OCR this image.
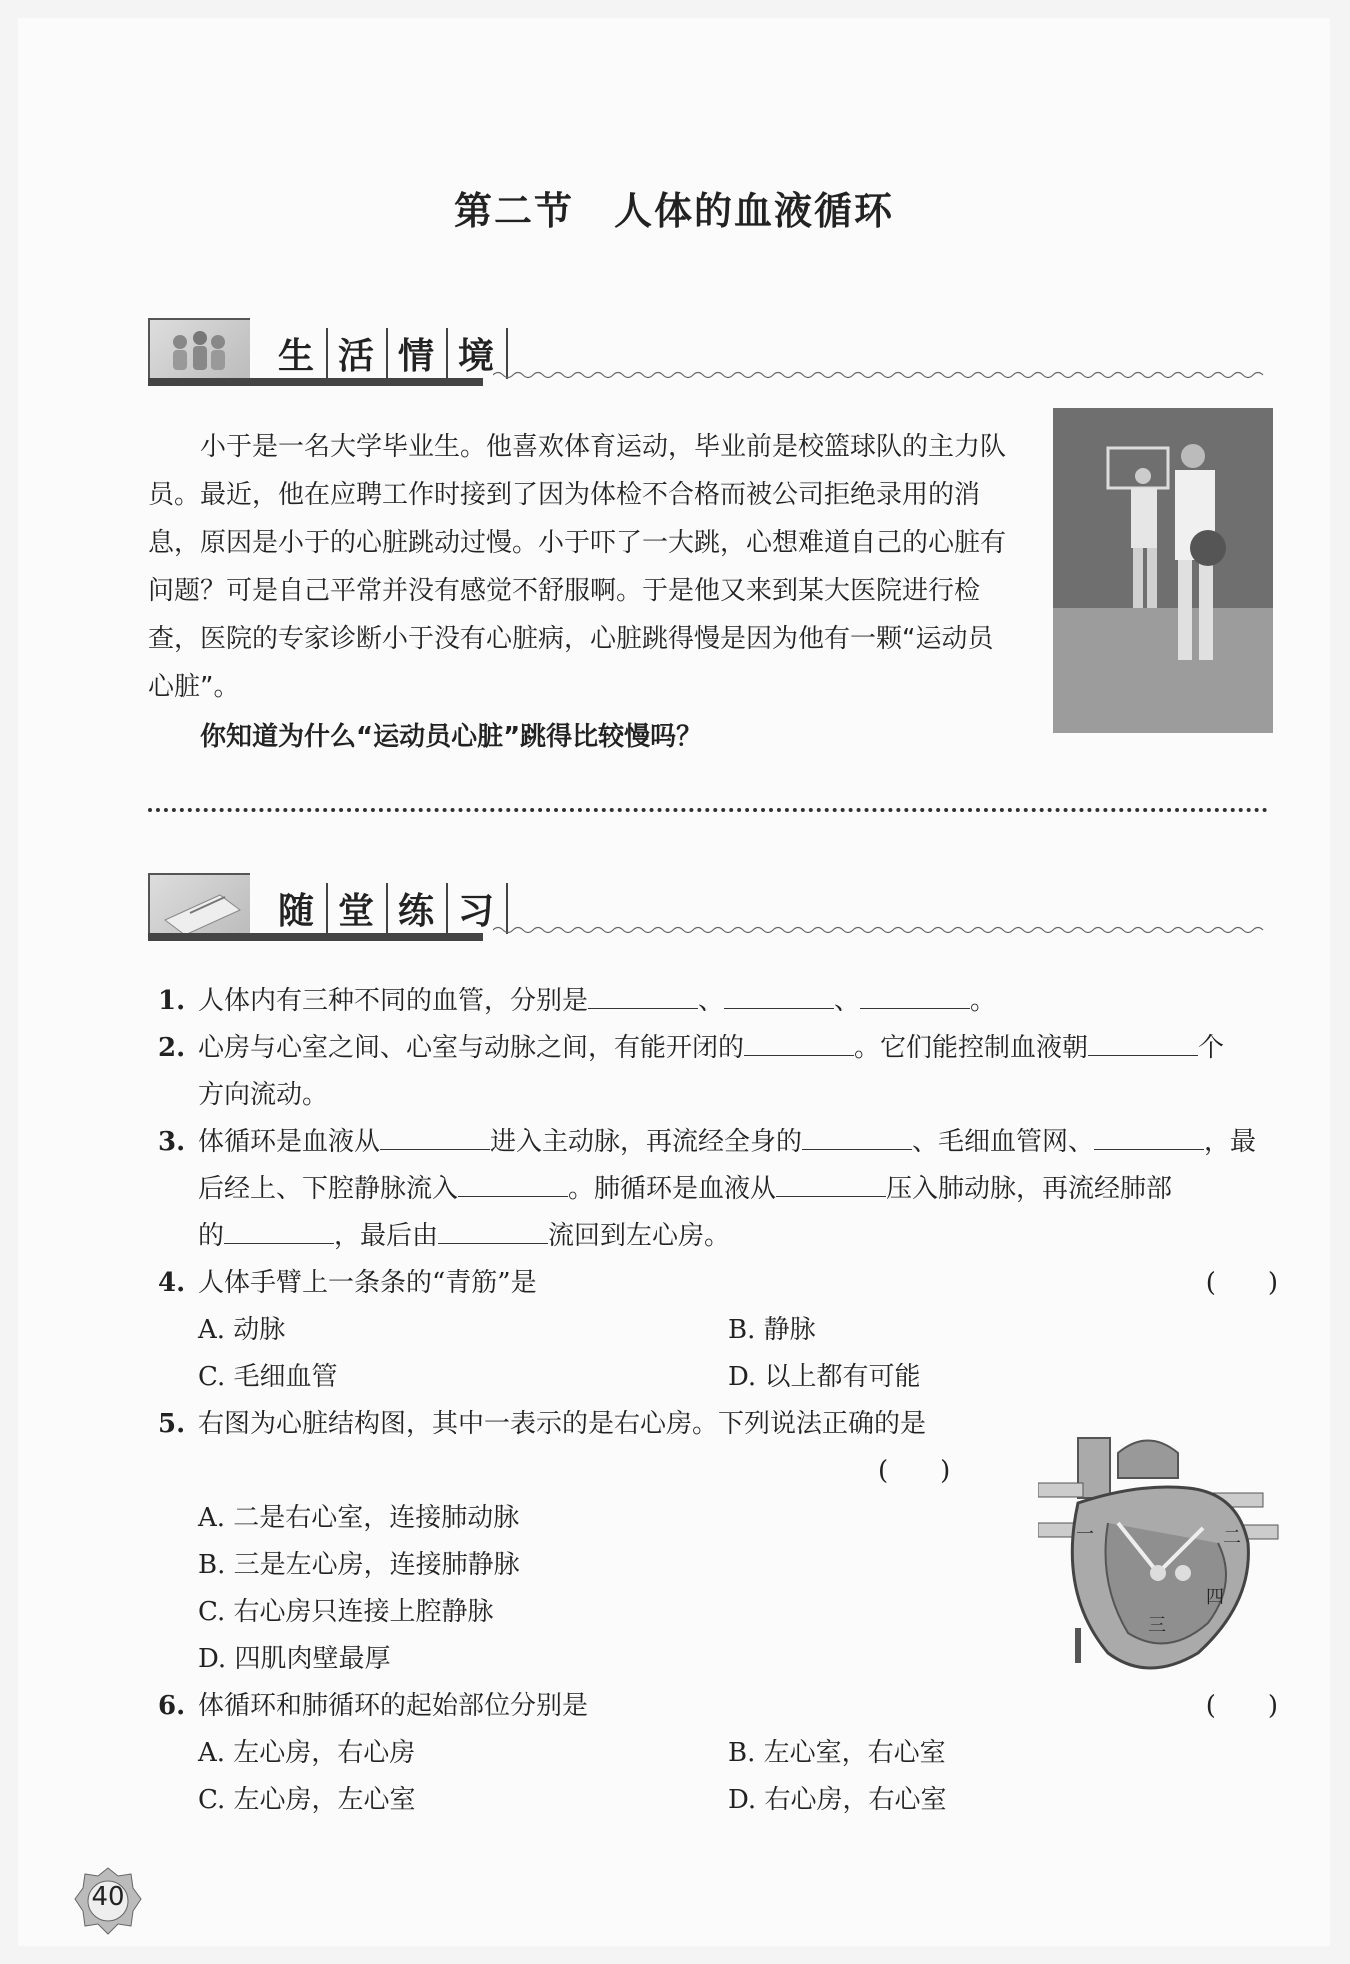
第二节　人体的血液循环
生 活 情 境
小于是一名大学毕业生。他喜欢体育运动，毕业前是校篮球队的主力队员。最近，他在应聘工作时接到了因为体检不合格而被公司拒绝录用的消息，原因是小于的心脏跳动过慢。小于吓了一大跳，心想难道自己的心脏有问题？可是自己平常并没有感觉不舒服啊。于是他又来到某大医院进行检查，医院的专家诊断小于没有心脏病，心脏跳得慢是因为他有一颗“运动员心脏”。
你知道为什么“运动员心脏”跳得比较慢吗？
随 堂 练 习
1. 人体内有三种不同的血管，分别是	、	、	。
2. 心房与心室之间、心室与动脉之间，有能开闭的	。它们能控制血液朝	个
方向流动。
3. 体循环是血液从	进入主动脉，再流经全身的	、毛细血管网、	，最
后经上、下腔静脉流入	。肺循环是血液从	压入肺动脉，再流经肺部
的	，最后由	流回到左心房。
4. 人体手臂上一条条的“青筋”是	(　　)
A. 动脉	B. 静脉
C. 毛细血管	D. 以上都有可能
5. 右图为心脏结构图，其中一表示的是右心房。下列说法正确的是
(　　)
A. 二是右心室，连接肺动脉
B. 三是左心房，连接肺静脉
C. 右心房只连接上腔静脉
D. 四肌肉壁最厚
6. 体循环和肺循环的起始部位分别是	(　　)
A. 左心房，右心房	B. 左心室，右心室
C. 左心房，左心室	D. 右心房，右心室
一	二
三
四
40
